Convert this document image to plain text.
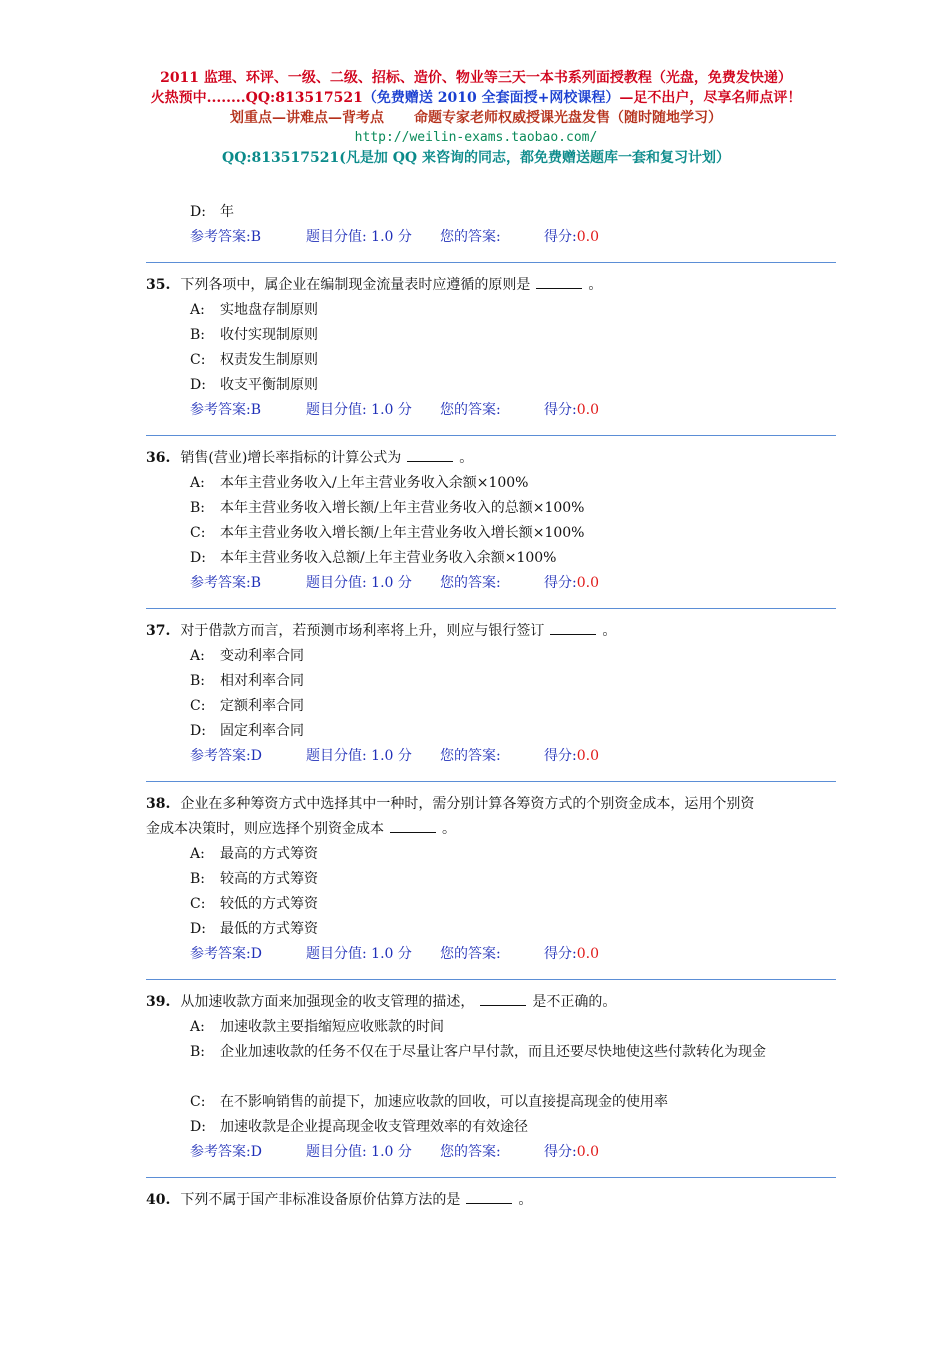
2011 监理、环评、一级、二级、招标、造价、物业等三天一本书系列面授教程（光盘，免费发快递）
火热预中........QQ:813517521（免费赠送 2010 全套面授+网校课程）—足不出户，尽享名师点评！
划重点—讲难点—背考点 命题专家老师权威授课光盘发售（随时随地学习）
http://weilin-exams.taobao.com/
QQ:813517521(凡是加 QQ 来咨询的同志，都免费赠送题库一套和复习计划）
D: 年
参考答案:B	题目分值: 1.0 分 您的答案:	得分:0.0
35. 下列各项中，属企业在编制现金流量表时应遵循的原则是	。
A: 实地盘存制原则
B: 收付实现制原则
C: 权责发生制原则
D: 收支平衡制原则
参考答案:B	题目分值: 1.0 分 您的答案:	得分:0.0
36. 销售(营业)增长率指标的计算公式为	。
A: 本年主营业务收入/上年主营业务收入余额×100%
B: 本年主营业务收入增长额/上年主营业务收入的总额×100%
C: 本年主营业务收入增长额/上年主营业务收入增长额×100%
D: 本年主营业务收入总额/上年主营业务收入余额×100%
参考答案:B	题目分值: 1.0 分 您的答案:	得分:0.0
37. 对于借款方而言，若预测市场利率将上升，则应与银行签订	。
A: 变动利率合同
B: 相对利率合同
C: 定额利率合同
D: 固定利率合同
参考答案:D	题目分值: 1.0 分 您的答案:	得分:0.0
38. 企业在多种筹资方式中选择其中一种时，需分别计算各筹资方式的个别资金成本，运用个别资
金成本决策时，则应选择个别资金成本	。
A: 最高的方式筹资
B: 较高的方式筹资
C: 较低的方式筹资
D: 最低的方式筹资
参考答案:D	题目分值: 1.0 分 您的答案:	得分:0.0
39. 从加速收款方面来加强现金的收支管理的描述，	是不正确的。
A: 加速收款主要指缩短应收账款的时间
B: 企业加速收款的任务不仅在于尽量让客户早付款，而且还要尽快地使这些付款转化为现金
C: 在不影响销售的前提下，加速应收款的回收，可以直接提高现金的使用率
D: 加速收款是企业提高现金收支管理效率的有效途径
参考答案:D	题目分值: 1.0 分 您的答案:	得分:0.0
40. 下列不属于国产非标准设备原价估算方法的是	。
